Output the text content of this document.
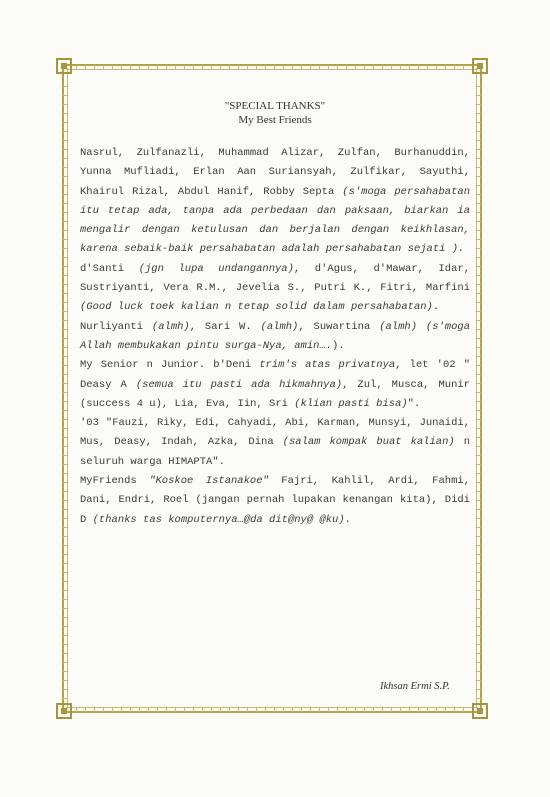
"SPECIAL THANKS"
My Best Friends

Nasrul, Zulfanazli, Muhammad Alizar, Zulfan, Burhanuddin, Yunna Mufliadi, Erlan Aan Suriansyah, Zulfikar, Sayuthi, Khairul Rizal, Abdul Hanif, Robby Septa (s'moga persahabatan itu tetap ada, tanpa ada perbedaan dan paksaan, biarkan ia mengalir dengan ketulusan dan berjalan dengan keikhlasan, karena sebaik-baik persahabatan adalah persahabatan sejati ).

d'Santi (jgn lupa undangannya), d'Agus, d'Mawar, Idar, Sustriyanti, Vera R.M., Jevelia S., Putri K., Fitri, Marfini (Good luck toek kalian n tetap solid dalam persahabatan).

Nurliyanti (almh), Sari W. (almh), Suwartina (almh) (s'moga Allah membukakan pintu surga-Nya, amin….).

My Senior n Junior. b'Deni trim's atas privatnya, let '02 " Deasy A (semua itu pasti ada hikmahnya), Zul, Musca, Munir (success 4 u), Lia, Eva, Iin, Sri (klian pasti bisa)".

'03 "Fauzi, Riky, Edi, Cahyadi, Abi, Karman, Munsyi, Junaidi, Mus, Deasy, Indah, Azka, Dina (salam kompak buat kalian) n seluruh warga HIMAPTA".

MyFriends "Koskoe Istanakoe" Fajri, Kahlil, Ardi, Fahmi, Dani, Endri, Roel (jangan pernah lupakan kenangan kita), Didi D (thanks tas komputernya…@da dit@ny@ @ku).

Ikhsan Ermi S.P.
